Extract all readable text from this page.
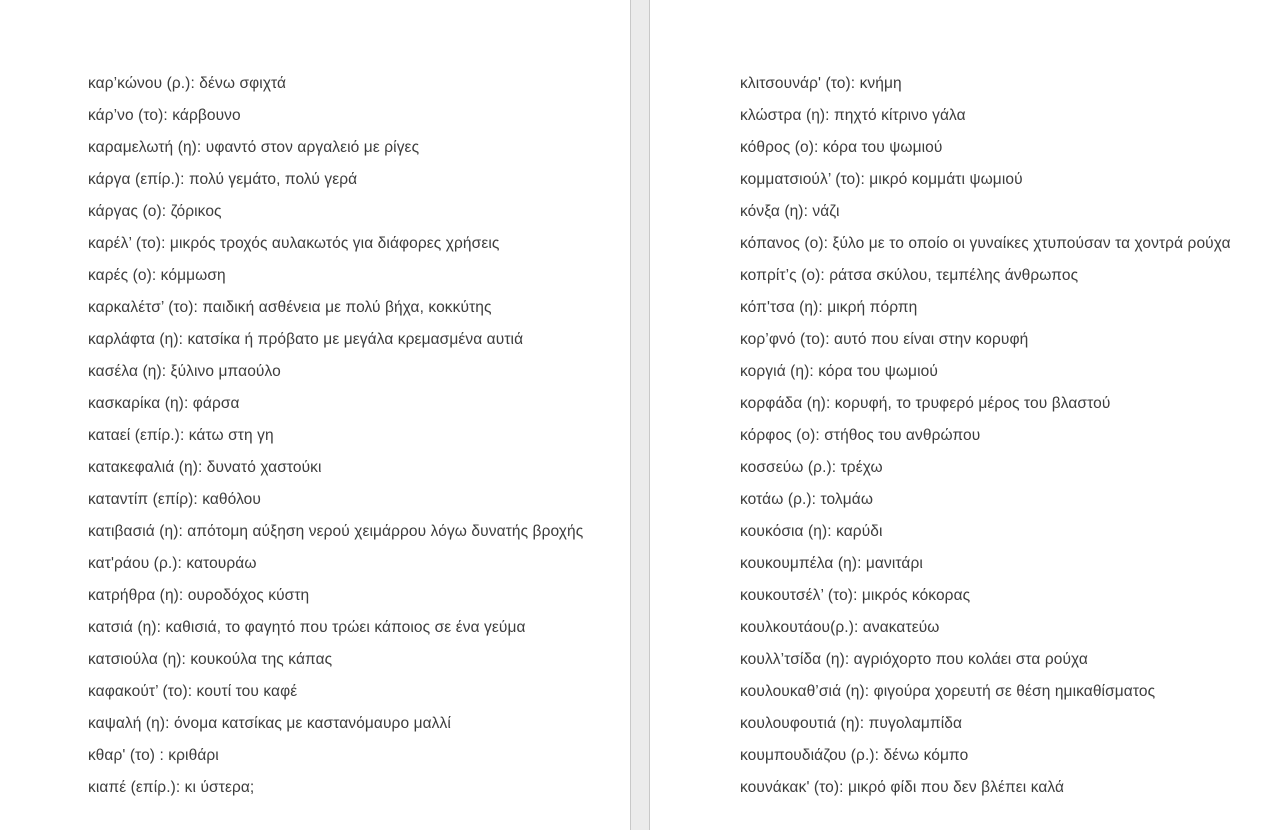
καρ’κώνου (ρ.): δένω σφιχτά
κάρ’νο (το): κάρβουνο
καραμελωτή (η): υφαντό στον αργαλειό με ρίγες
κάργα (επίρ.): πολύ γεμάτο, πολύ γερά
κάργας (ο): ζόρικος
καρέλ’ (το): μικρός τροχός αυλακωτός για διάφορες χρήσεις
καρές (ο): κόμμωση
καρκαλέτσ’ (το): παιδική ασθένεια με πολύ βήχα, κοκκύτης
καρλάφτα (η): κατσίκα ή πρόβατο με μεγάλα κρεμασμένα αυτιά
κασέλα (η): ξύλινο μπαούλο
κασκαρίκα (η): φάρσα
καταεί (επίρ.): κάτω στη γη
κατακεφαλιά (η): δυνατό χαστούκι
καταντίπ (επίρ): καθόλου
κατιβασιά (η): απότομη αύξηση νερού χειμάρρου λόγω δυνατής βροχής
κατ'ράου (ρ.): κατουράω
κατρήθρα (η): ουροδόχος κύστη
κατσιά (η): καθισιά, το φαγητό που τρώει κάποιος σε ένα γεύμα
κατσιούλα (η): κουκούλα της κάπας
καφακούτ’ (το): κουτί του καφέ
καψαλή (η): όνομα κατσίκας με καστανόμαυρο μαλλί
κθαρ' (το) : κριθάρι
κιαπέ (επίρ.): κι ύστερα;
κλιτσουνάρ' (το): κνήμη
κλώστρα (η): πηχτό κίτρινο γάλα
κόθρος (ο): κόρα του ψωμιού
κομματσιούλ’ (το): μικρό κομμάτι ψωμιού
κόνξα (η): νάζι
κόπανος (ο): ξύλο με το οποίο οι γυναίκες χτυπούσαν τα χοντρά ρούχα
κοπρίτ’ς (ο): ράτσα σκύλου, τεμπέλης άνθρωπος
κόπ'τσα (η): μικρή πόρπη
κορ’φνό (το): αυτό που είναι στην κορυφή
κοργιά (η): κόρα του ψωμιού
κορφάδα (η): κορυφή, το τρυφερό μέρος του βλαστού
κόρφος (ο): στήθος του ανθρώπου
κοσσεύω (ρ.): τρέχω
κοτάω (ρ.): τολμάω
κουκόσια (η): καρύδι
κουκουμπέλα (η): μανιτάρι
κουκουτσέλ’ (το): μικρός κόκορας
κουλκουτάου(ρ.): ανακατεύω
κουλλ’τσίδα (η): αγριόχορτο που κολάει στα ρούχα
κουλουκαθ’σιά (η): φιγούρα χορευτή σε θέση ημικαθίσματος
κουλουφουτιά (η): πυγολαμπίδα
κουμπουδιάζου (ρ.): δένω κόμπο
κουνάκακ' (το): μικρό φίδι που δεν βλέπει καλά
